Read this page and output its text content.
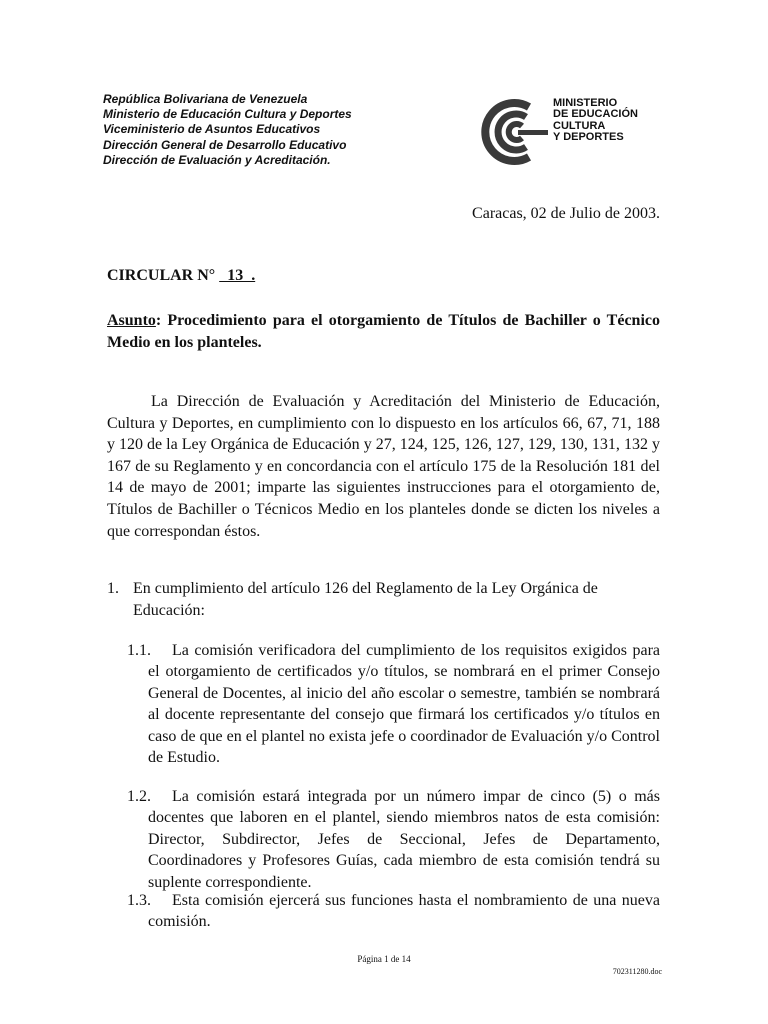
República Bolivariana de Venezuela
Ministerio de Educación Cultura y Deportes
Viceministerio de Asuntos Educativos
Dirección General de Desarrollo Educativo
Dirección de Evaluación y Acreditación.
MINISTERIO
DE EDUCACIÓN
CULTURA
Y DEPORTES
Caracas, 02 de Julio de 2003.
CIRCULAR N°   13  .
Asunto: Procedimiento para el otorgamiento de Títulos de Bachiller o Técnico Medio en los planteles.
La Dirección de Evaluación y Acreditación del Ministerio de Educación, Cultura y Deportes, en cumplimiento con lo dispuesto en los artículos 66, 67, 71, 188 y 120 de la Ley Orgánica de Educación y 27, 124, 125, 126, 127, 129, 130, 131, 132 y 167 de su Reglamento y en concordancia con el artículo 175 de la Resolución 181 del 14 de mayo de 2001; imparte las siguientes instrucciones para el otorgamiento de, Títulos de Bachiller o Técnicos Medio en los planteles donde se dicten los niveles a que correspondan éstos.
1. En cumplimiento del artículo 126 del Reglamento de la Ley Orgánica de Educación:
1.1.	La comisión verificadora del cumplimiento de los requisitos exigidos para el otorgamiento de certificados y/o títulos, se nombrará en el primer Consejo General de Docentes, al inicio del año escolar o semestre, también se nombrará al docente representante del consejo que firmará los certificados y/o títulos en caso de que en el plantel no exista jefe o coordinador de Evaluación y/o Control de Estudio.
1.2.	La comisión estará integrada por un número impar de cinco (5) o más docentes que laboren en el plantel, siendo miembros natos de esta comisión: Director, Subdirector, Jefes de Seccional, Jefes de Departamento, Coordinadores y Profesores Guías, cada miembro de esta comisión tendrá su suplente correspondiente.
1.3.	Esta comisión ejercerá sus funciones hasta el nombramiento de una nueva comisión.
Página 1 de 14
702311280.doc
